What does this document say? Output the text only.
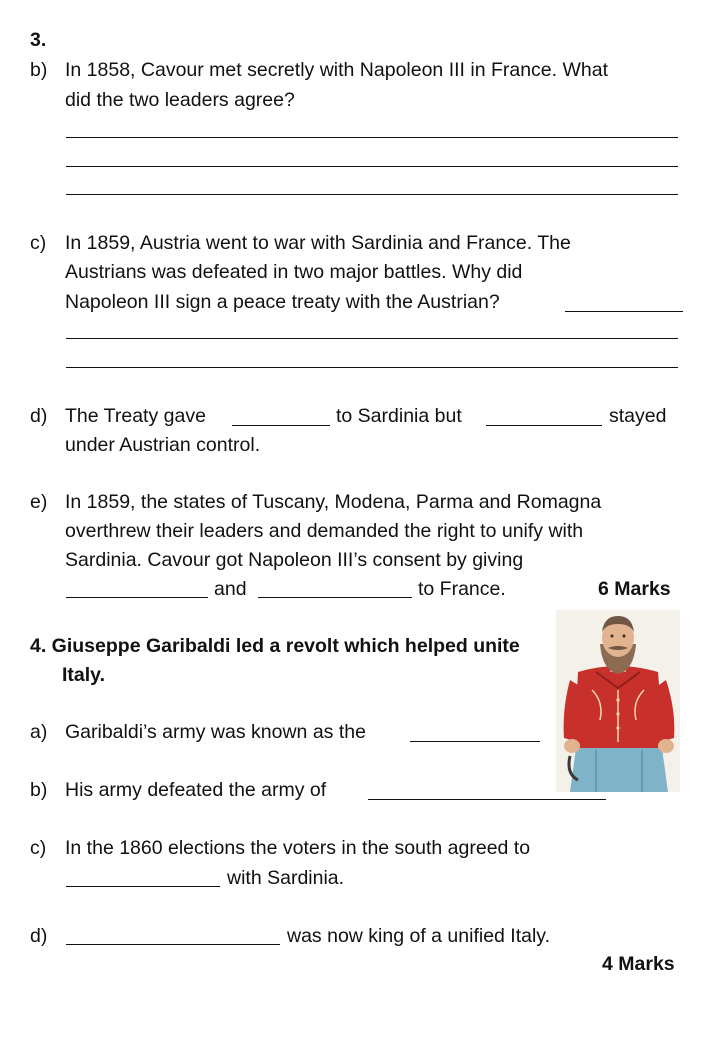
3.
b) In 1858, Cavour met secretly with Napoleon III in France. What
did the two leaders agree?
c) In 1859, Austria went to war with Sardinia and France. The
Austrians was defeated in two major battles. Why did
Napoleon III sign a peace treaty with the Austrian?
d) The Treaty gave	to Sardinia but	stayed
under Austrian control.
e) In 1859, the states of Tuscany, Modena, Parma and Romagna
overthrew their leaders and demanded the right to unify with
Sardinia. Cavour got Napoleon III’s consent by giving
and	to France.	6 Marks
4. Giuseppe Garibaldi led a revolt which helped unite
Italy.
a) Garibaldi’s army was known as the
b) His army defeated the army of
c) In the 1860 elections the voters in the south agreed to
with Sardinia.
d)	was now king of a unified Italy.
4 Marks
